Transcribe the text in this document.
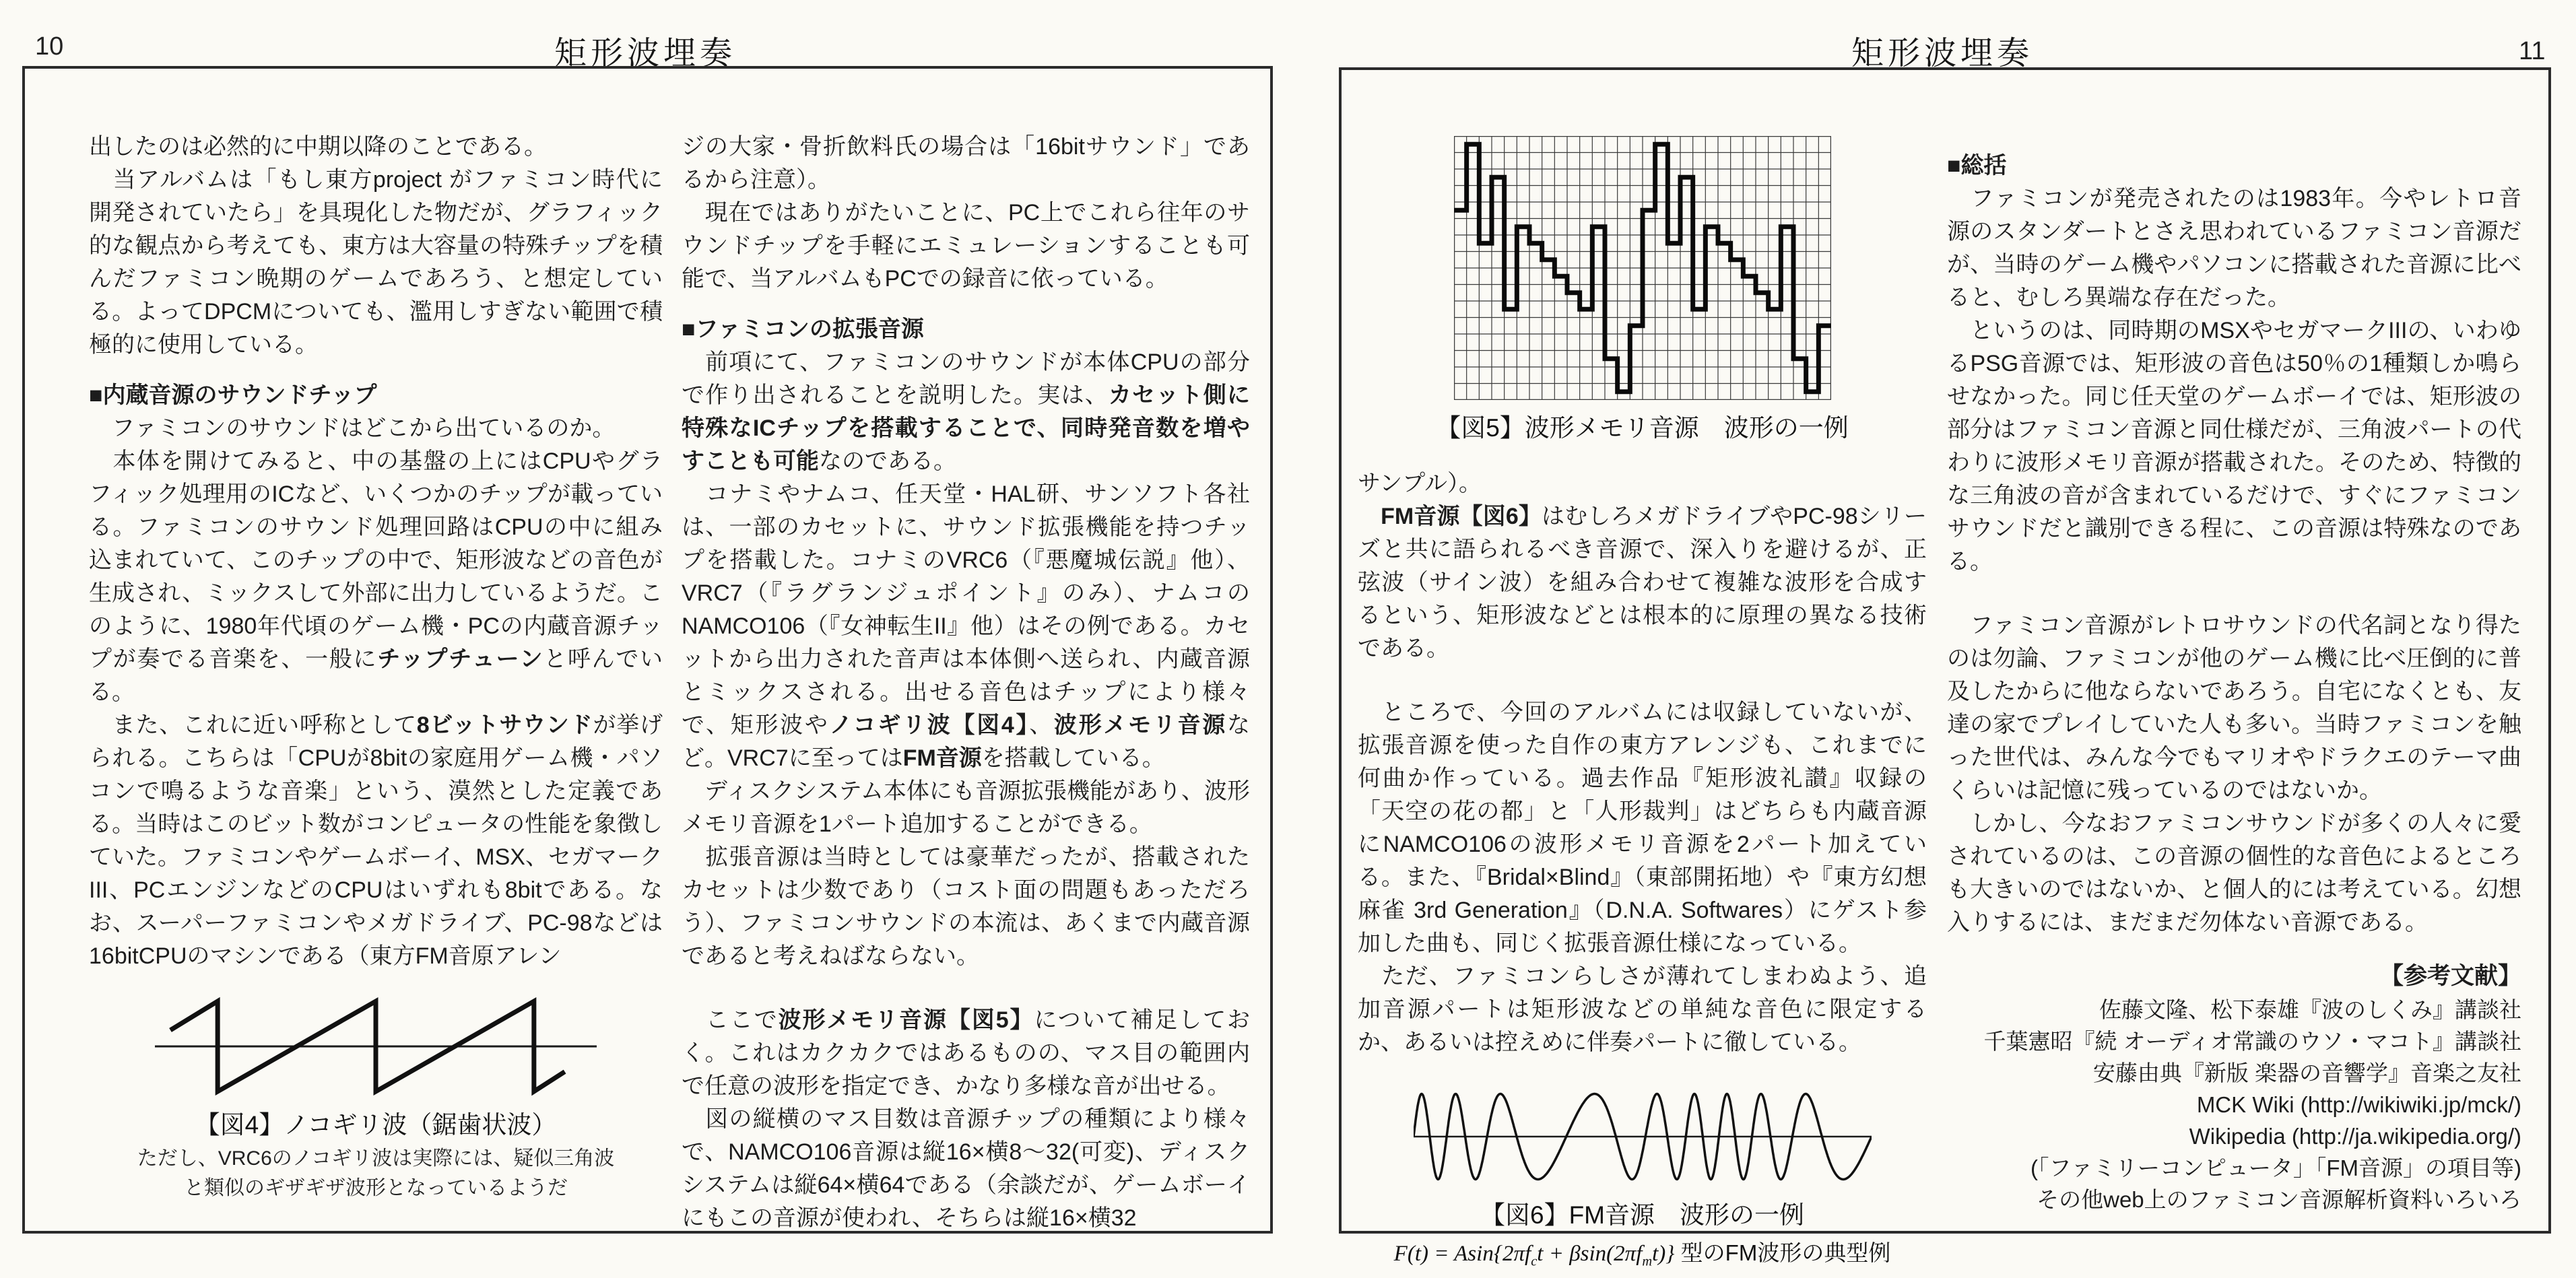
10	矩形波埋奏

出したのは必然的に中期以降のことである。

　当アルバムは「もし東方project がファミコン時代に開発されていたら」を具現化した物だが、グラフィック的な観点から考えても、東方は大容量の特殊チップを積んだファミコン晩期のゲームであろう、と想定している。よってDPCMについても、濫用しすぎない範囲で積極的に使用している。

■内蔵音源のサウンドチップ

　ファミコンのサウンドはどこから出ているのか。

　本体を開けてみると、中の基盤の上にはCPUやグラフィック処理用のICなど、いくつかのチップが載っている。ファミコンのサウンド処理回路はCPUの中に組み込まれていて、このチップの中で、矩形波などの音色が生成され、ミックスして外部に出力しているようだ。このように、1980年代頃のゲーム機・PCの内蔵音源チップが奏でる音楽を、一般にチップチューンと呼んでいる。

　また、これに近い呼称として8ビットサウンドが挙げられる。こちらは「CPUが8bitの家庭用ゲーム機・パソコンで鳴るような音楽」という、漠然とした定義である。当時はこのビット数がコンピュータの性能を象徴していた。ファミコンやゲームボーイ、MSX、セガマークIII、PCエンジンなどのCPUはいずれも8bitである。なお、スーパーファミコンやメガドライブ、PC-98などは16bitCPUのマシンである（東方FM音原アレン

【図4】ノコギリ波（鋸歯状波）
ただし、VRC6のノコギリ波は実際には、疑似三角波
と類似のギザギザ波形となっているようだ

ジの大家・骨折飲料氏の場合は「16bitサウンド」であるから注意）。

　現在ではありがたいことに、PC上でこれら往年のサウンドチップを手軽にエミュレーションすることも可能で、当アルバムもPCでの録音に依っている。

■ファミコンの拡張音源

　前項にて、ファミコンのサウンドが本体CPUの部分で作り出されることを説明した。実は、カセット側に特殊なICチップを搭載することで、同時発音数を増やすことも可能なのである。

　コナミやナムコ、任天堂・HAL研、サンソフト各社は、一部のカセットに、サウンド拡張機能を持つチップを搭載した。コナミのVRC6（『悪魔城伝説』他）、VRC7（『ラグランジュポイント』のみ）、ナムコのNAMCO106（『女神転生II』他）はその例である。カセットから出力された音声は本体側へ送られ、内蔵音源とミックスされる。出せる音色はチップにより様々で、矩形波やノコギリ波【図4】、波形メモリ音源など。VRC7に至ってはFM音源を搭載している。

　ディスクシステム本体にも音源拡張機能があり、波形メモリ音源を1パート追加することができる。

　拡張音源は当時としては豪華だったが、搭載されたカセットは少数であり（コスト面の問題もあっただろう）、ファミコンサウンドの本流は、あくまで内蔵音源であると考えねばならない。

　ここで波形メモリ音源【図5】について補足しておく。これはカクカクではあるものの、マス目の範囲内で任意の波形を指定でき、かなり多様な音が出せる。

　図の縦横のマス目数は音源チップの種類により様々で、NAMCO106音源は縦16×横8～32(可変)、ディスクシステムは縦64×横64である（余談だが、ゲームボーイにもこの音源が使われ、そちらは縦16×横32

11
矩形波埋奏
【図5】波形メモリ音源　波形の一例

サンプル）。

　FM音源【図6】はむしろメガドライブやPC-98シリーズと共に語られるべき音源で、深入りを避けるが、正弦波（サイン波）を組み合わせて複雑な波形を合成するという、矩形波などとは根本的に原理の異なる技術である。

　ところで、今回のアルバムには収録していないが、拡張音源を使った自作の東方アレンジも、これまでに何曲か作っている。過去作品『矩形波礼讃』収録の「天空の花の都」と「人形裁判」はどちらも内蔵音源にNAMCO106の波形メモリ音源を2パート加えている。また、『Bridal×Blind』（東部開拓地）や『東方幻想麻雀 3rd Generation』（D.N.A. Softwares）にゲスト参加した曲も、同じく拡張音源仕様になっている。

　ただ、ファミコンらしさが薄れてしまわぬよう、追加音源パートは矩形波などの単純な音色に限定するか、あるいは控えめに伴奏パートに徹している。

【図6】FM音源　波形の一例
$F(t) = Asin\{2\pi f_ct + \beta\sin(2\pi f_mt)\}$ 型のFM波形の典型例

■総括

　ファミコンが発売されたのは1983年。今やレトロ音源のスタンダートとさえ思われているファミコン音源だが、当時のゲーム機やパソコンに搭載された音源に比べると、むしろ異端な存在だった。

　というのは、同時期のMSXやセガマークIIIの、いわゆるPSG音源では、矩形波の音色は50％の1種類しか鳴らせなかった。同じ任天堂のゲームボーイでは、矩形波の部分はファミコン音源と同仕様だが、三角波パートの代わりに波形メモリ音源が搭載された。そのため、特徴的な三角波の音が含まれているだけで、すぐにファミコンサウンドだと識別できる程に、この音源は特殊なのである。

　ファミコン音源がレトロサウンドの代名詞となり得たのは勿論、ファミコンが他のゲーム機に比べ圧倒的に普及したからに他ならないであろう。自宅になくとも、友達の家でプレイしていた人も多い。当時ファミコンを触った世代は、みんな今でもマリオやドラクエのテーマ曲くらいは記憶に残っているのではないか。

　しかし、今なおファミコンサウンドが多くの人々に愛されているのは、この音源の個性的な音色によるところも大きいのではないか、と個人的には考えている。幻想入りするには、まだまだ勿体ない音源である。

【参考文献】
佐藤文隆、松下泰雄『波のしくみ』講談社
千葉憲昭『続 オーディオ常識のウソ・マコト』講談社
安藤由典『新版 楽器の音響学』音楽之友社
MCK Wiki (http://wikiwiki.jp/mck/)
Wikipedia (http://ja.wikipedia.org/)
(「ファミリーコンピュータ」「FM音源」の項目等)
その他web上のファミコン音源解析資料いろいろ
